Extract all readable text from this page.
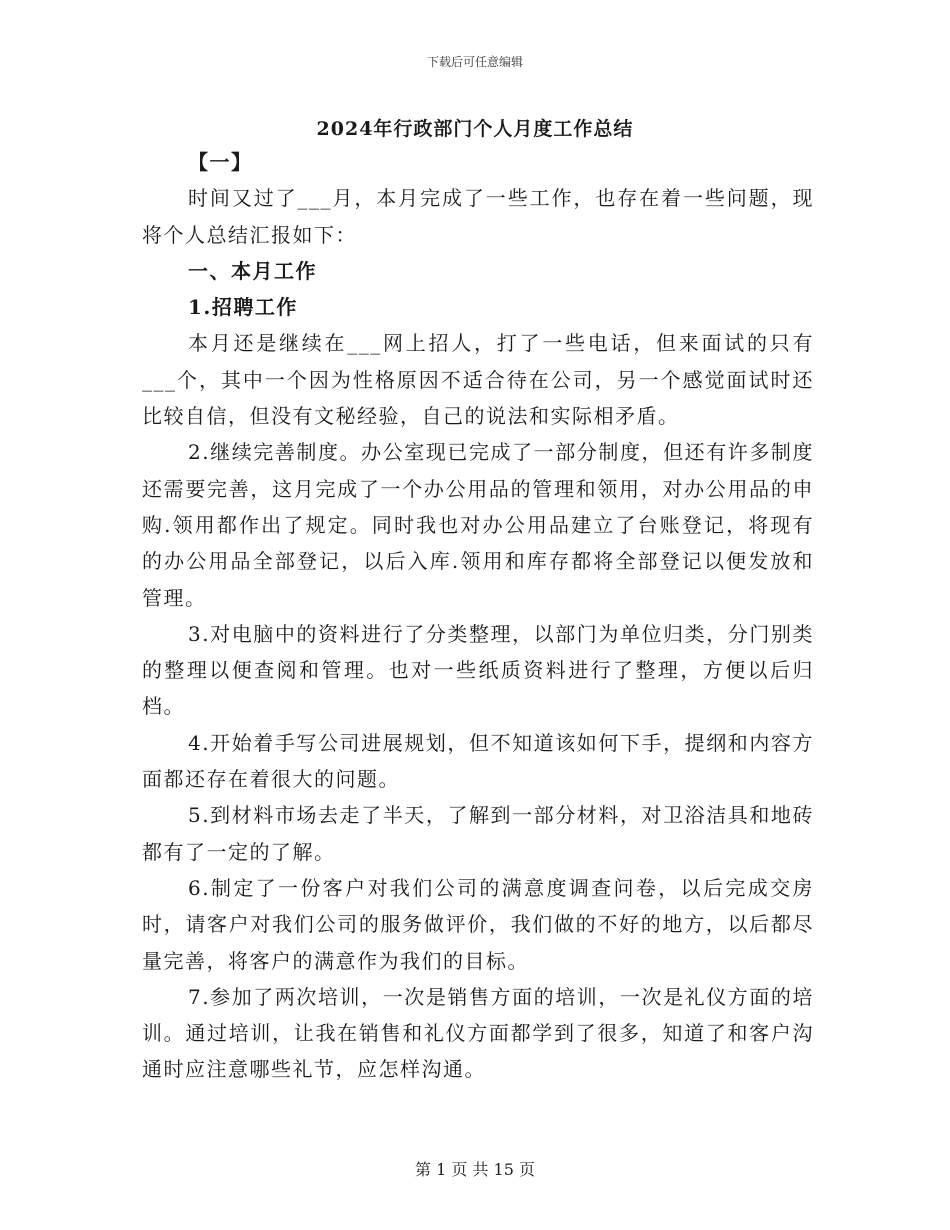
下载后可任意编辑
2024年行政部门个人月度工作总结

【一】

时间又过了___月，本月完成了一些工作，也存在着一些问题，现将个人总结汇报如下：

一、本月工作

1.招聘工作

本月还是继续在___网上招人，打了一些电话，但来面试的只有___个，其中一个因为性格原因不适合待在公司，另一个感觉面试时还比较自信，但没有文秘经验，自己的说法和实际相矛盾。

2.继续完善制度。办公室现已完成了一部分制度，但还有许多制度还需要完善，这月完成了一个办公用品的管理和领用，对办公用品的申购.领用都作出了规定。同时我也对办公用品建立了台账登记，将现有的办公用品全部登记，以后入库.领用和库存都将全部登记以便发放和管理。

3.对电脑中的资料进行了分类整理，以部门为单位归类，分门别类的整理以便查阅和管理。也对一些纸质资料进行了整理，方便以后归档。

4.开始着手写公司进展规划，但不知道该如何下手，提纲和内容方面都还存在着很大的问题。

5.到材料市场去走了半天，了解到一部分材料，对卫浴洁具和地砖都有了一定的了解。

6.制定了一份客户对我们公司的满意度调查问卷，以后完成交房时，请客户对我们公司的服务做评价，我们做的不好的地方，以后都尽量完善，将客户的满意作为我们的目标。

7.参加了两次培训，一次是销售方面的培训，一次是礼仪方面的培训。通过培训，让我在销售和礼仪方面都学到了很多，知道了和客户沟通时应注意哪些礼节，应怎样沟通。

第 1 页 共 15 页
